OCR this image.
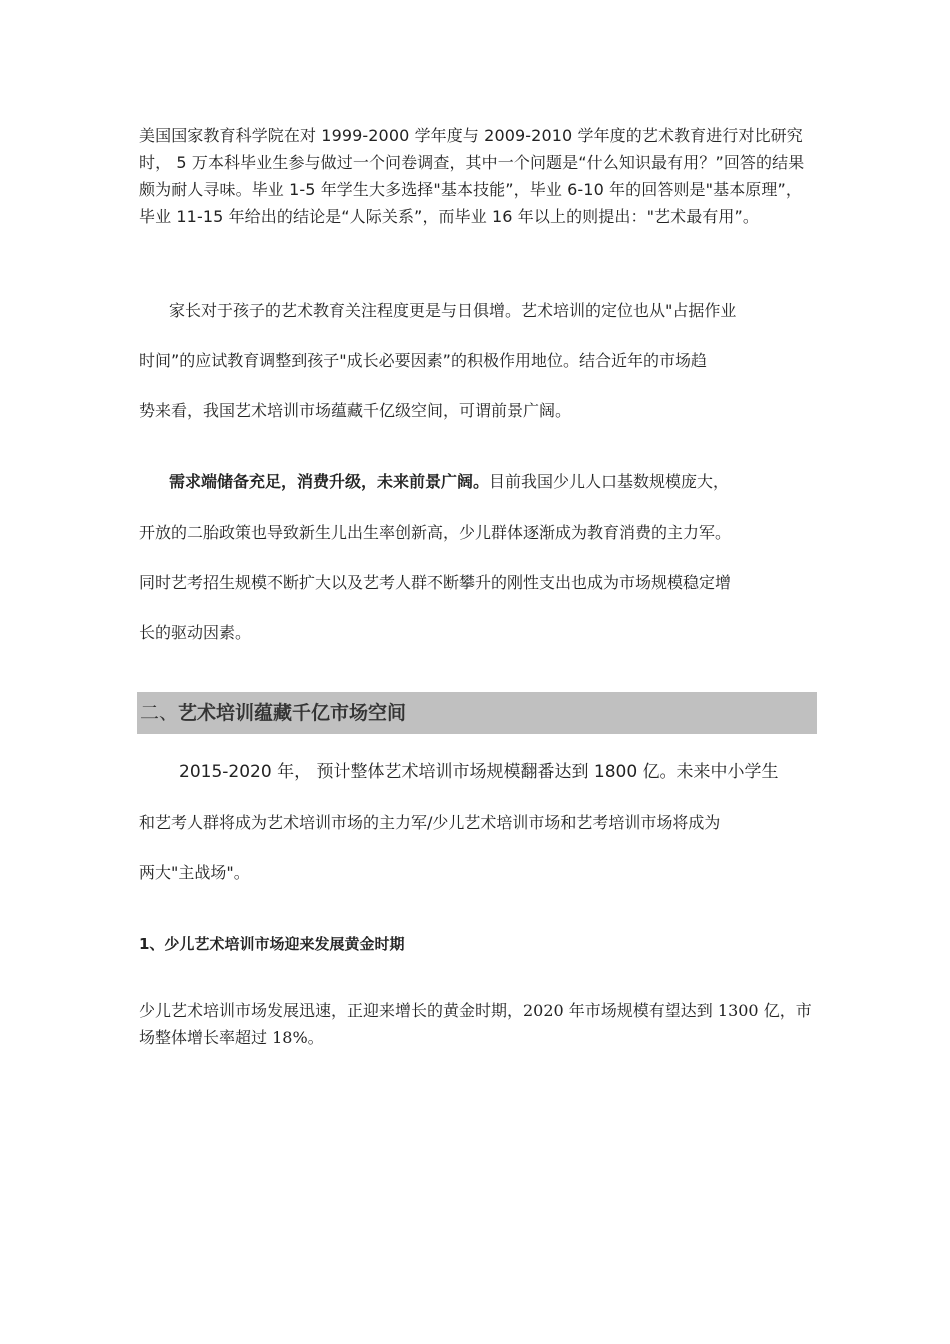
美国国家教育科学院在对 1999-2000 学年度与 2009-2010 学年度的艺术教育进行对比研究时， 5 万本科毕业生参与做过一个问卷调查，其中一个问题是“什么知识最有用？”回答的结果颇为耐人寻味。毕业 1-5 年学生大多选择"基本技能”，毕业 6-10 年的回答则是"基本原理”，毕业 11-15 年给出的结论是“人际关系”，而毕业 16 年以上的则提出："艺术最有用”。

家长对于孩子的艺术教育关注程度更是与日俱增。艺术培训的定位也从"占据作业

时间”的应试教育调整到孩子"成长必要因素”的积极作用地位。结合近年的市场趋

势来看，我国艺术培训市场蕴藏千亿级空间，可谓前景广阔。

需求端储备充足，消费升级，未来前景广阔。目前我国少儿人口基数规模庞大，

开放的二胎政策也导致新生儿出生率创新高，少儿群体逐渐成为教育消费的主力军。

同时艺考招生规模不断扩大以及艺考人群不断攀升的刚性支出也成为市场规模稳定增

长的驱动因素。

二、艺术培训蕴藏千亿市场空间

2015-2020 年， 预计整体艺术培训市场规模翻番达到 1800 亿。未来中小学生

和艺考人群将成为艺术培训市场的主力军/少儿艺术培训市场和艺考培训市场将成为

两大"主战场"。

1、少儿艺术培训市场迎来发展黄金时期

少儿艺术培训市场发展迅速，正迎来增长的黄金时期，2020 年市场规模有望达到 1300 亿，市场整体增长率超过 18%。
